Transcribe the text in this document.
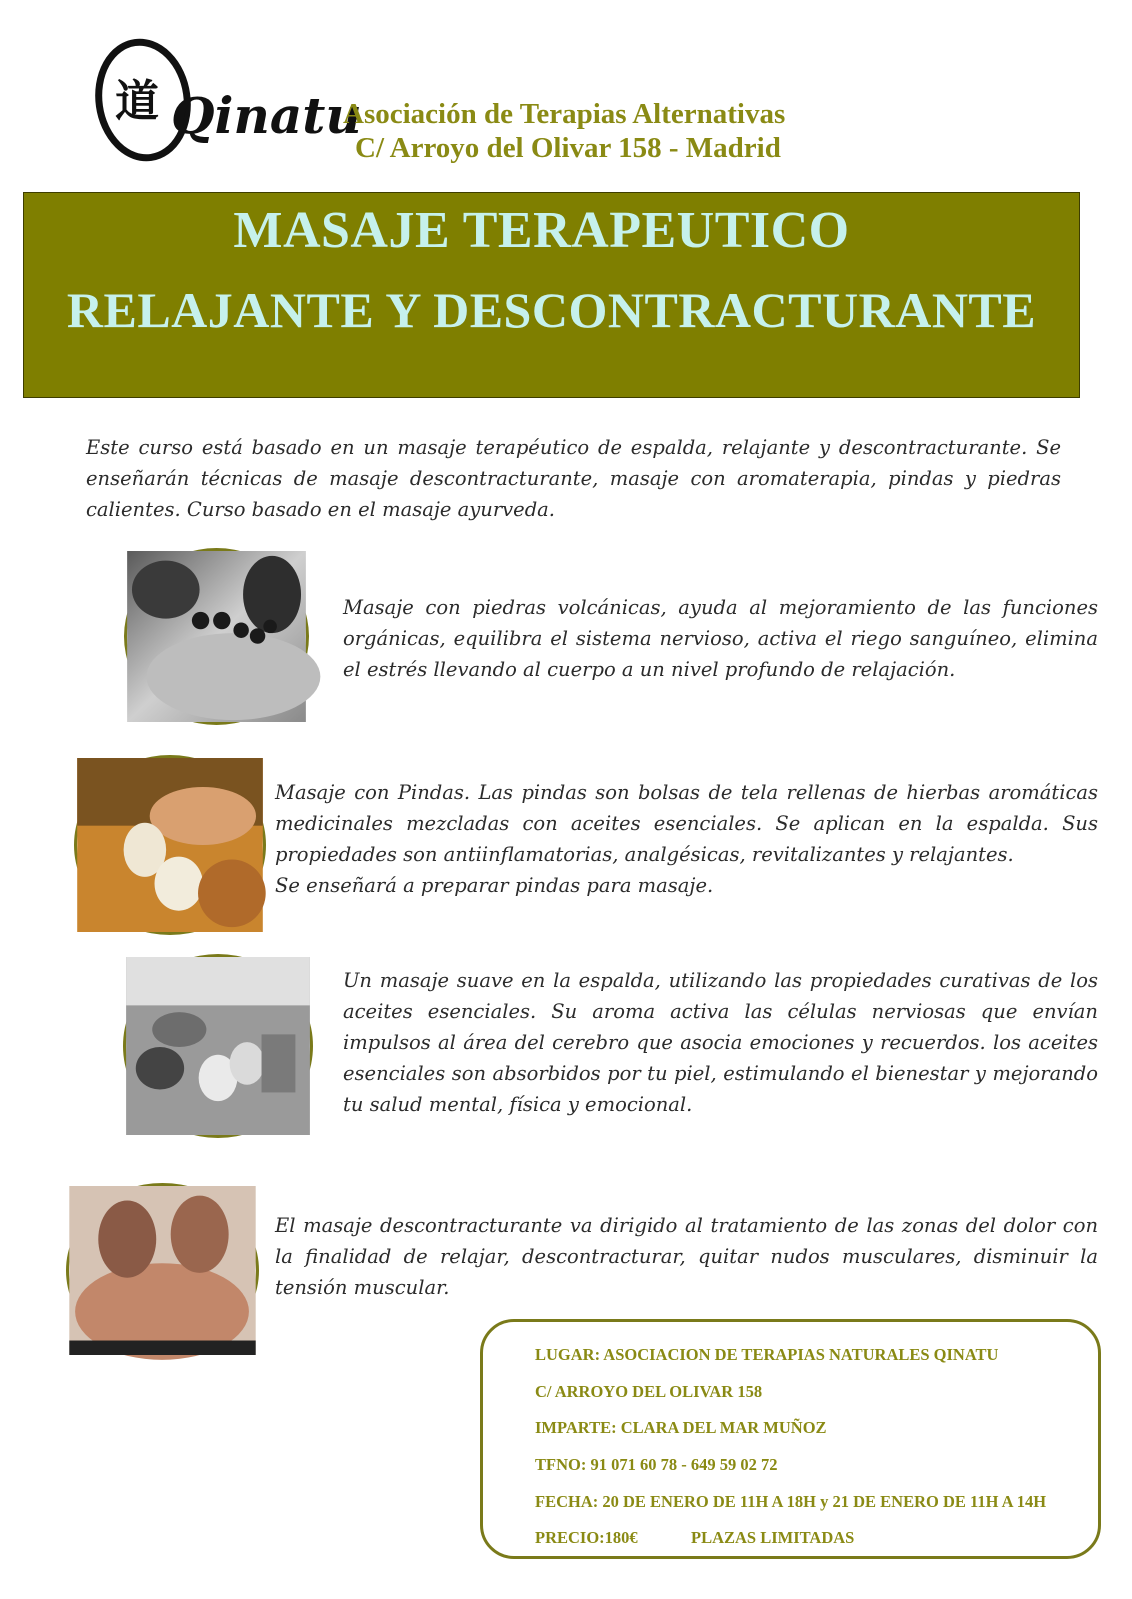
道 Qinatu
Asociación de Terapias Alternativas
C/ Arroyo del Olivar 158 - Madrid
MASAJE TERAPEUTICO
RELAJANTE Y DESCONTRACTURANTE

Este curso está basado en un masaje terapéutico de espalda, relajante y descontracturante. Se enseñarán técnicas de masaje descontracturante, masaje con aromaterapia, pindas y piedras calientes. Curso basado en el masaje ayurveda.

Masaje con piedras volcánicas, ayuda al mejoramiento de las funciones orgánicas, equilibra el sistema nervioso, activa el riego sanguíneo, elimina el estrés llevando al cuerpo a un nivel profundo de relajación.

Masaje con Pindas. Las pindas son bolsas de tela rellenas de hierbas aromáticas medicinales mezcladas con aceites esenciales. Se aplican en la espalda. Sus propiedades son antiinflamatorias, analgésicas, revitalizantes y relajantes.

Se enseñará a preparar pindas para masaje.

Un masaje suave en la espalda, utilizando las propiedades curativas de los aceites esenciales. Su aroma activa las células nerviosas que envían impulsos al área del cerebro que asocia emociones y recuerdos. los aceites esenciales son absorbidos por tu piel, estimulando el bienestar y mejorando tu salud mental, física y emocional.

El masaje descontracturante va dirigido al tratamiento de las zonas del dolor con la finalidad de relajar, descontracturar, quitar nudos musculares, disminuir la tensión muscular.

LUGAR: ASOCIACION DE TERAPIAS NATURALES QINATU
C/ ARROYO DEL OLIVAR 158
IMPARTE: CLARA DEL MAR MUÑOZ
TFNO: 91 071 60 78 - 649 59 02 72
FECHA: 20 DE ENERO DE 11H A 18H y 21 DE ENERO DE 11H A 14H
PRECIO:180€	PLAZAS LIMITADAS
